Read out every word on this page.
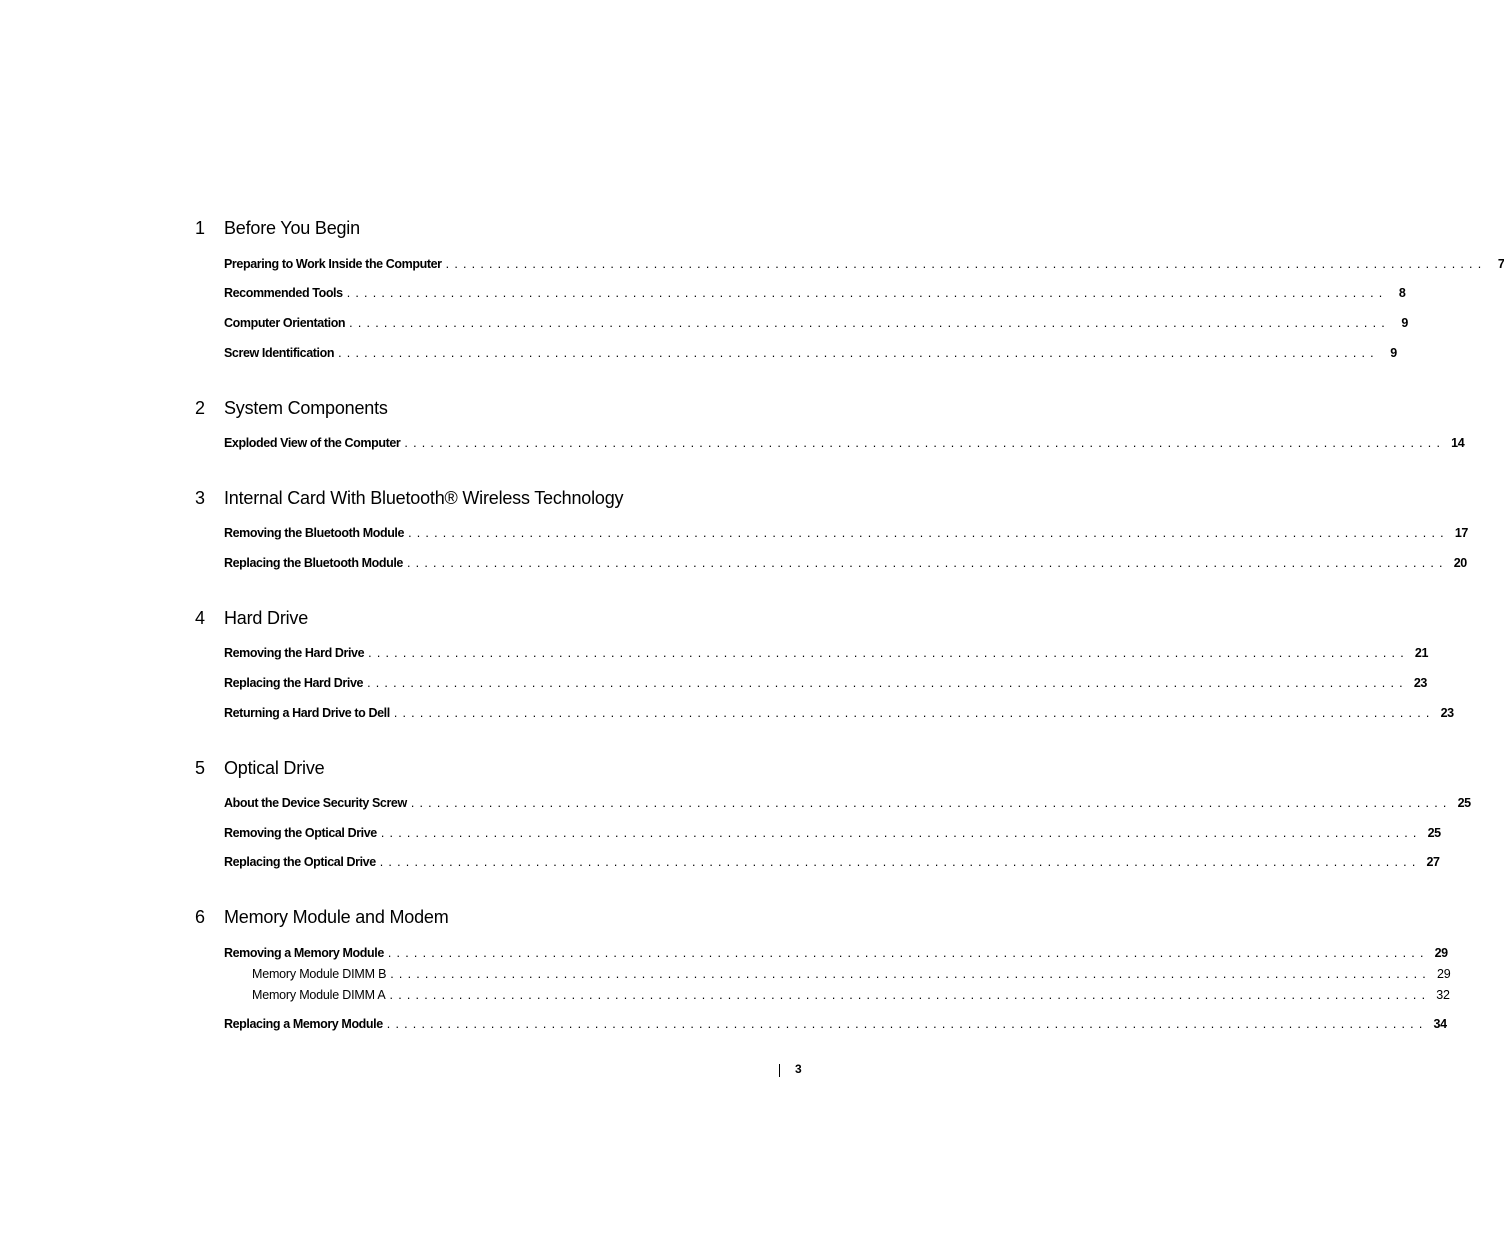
1	Before You Begin
Preparing to Work Inside the Computer ........................................................................................................................ 7
Recommended Tools ........................................................................................................................ 8
Computer Orientation ........................................................................................................................ 9
Screw Identification ........................................................................................................................ 9
2	System Components
Exploded View of the Computer ........................................................................................................................ 14
3	Internal Card With Bluetooth® Wireless Technology
Removing the Bluetooth Module ........................................................................................................................ 17
Replacing the Bluetooth Module ........................................................................................................................ 20
4	Hard Drive
Removing the Hard Drive ........................................................................................................................ 21
Replacing the Hard Drive ........................................................................................................................ 23
Returning a Hard Drive to Dell ........................................................................................................................ 23
5	Optical Drive
About the Device Security Screw ........................................................................................................................ 25
Removing the Optical Drive ........................................................................................................................ 25
Replacing the Optical Drive ........................................................................................................................ 27
6	Memory Module and Modem
Removing a Memory Module ........................................................................................................................ 29
Memory Module DIMM B ........................................................................................................................ 29
Memory Module DIMM A ........................................................................................................................ 32
Replacing a Memory Module ........................................................................................................................ 34
3
